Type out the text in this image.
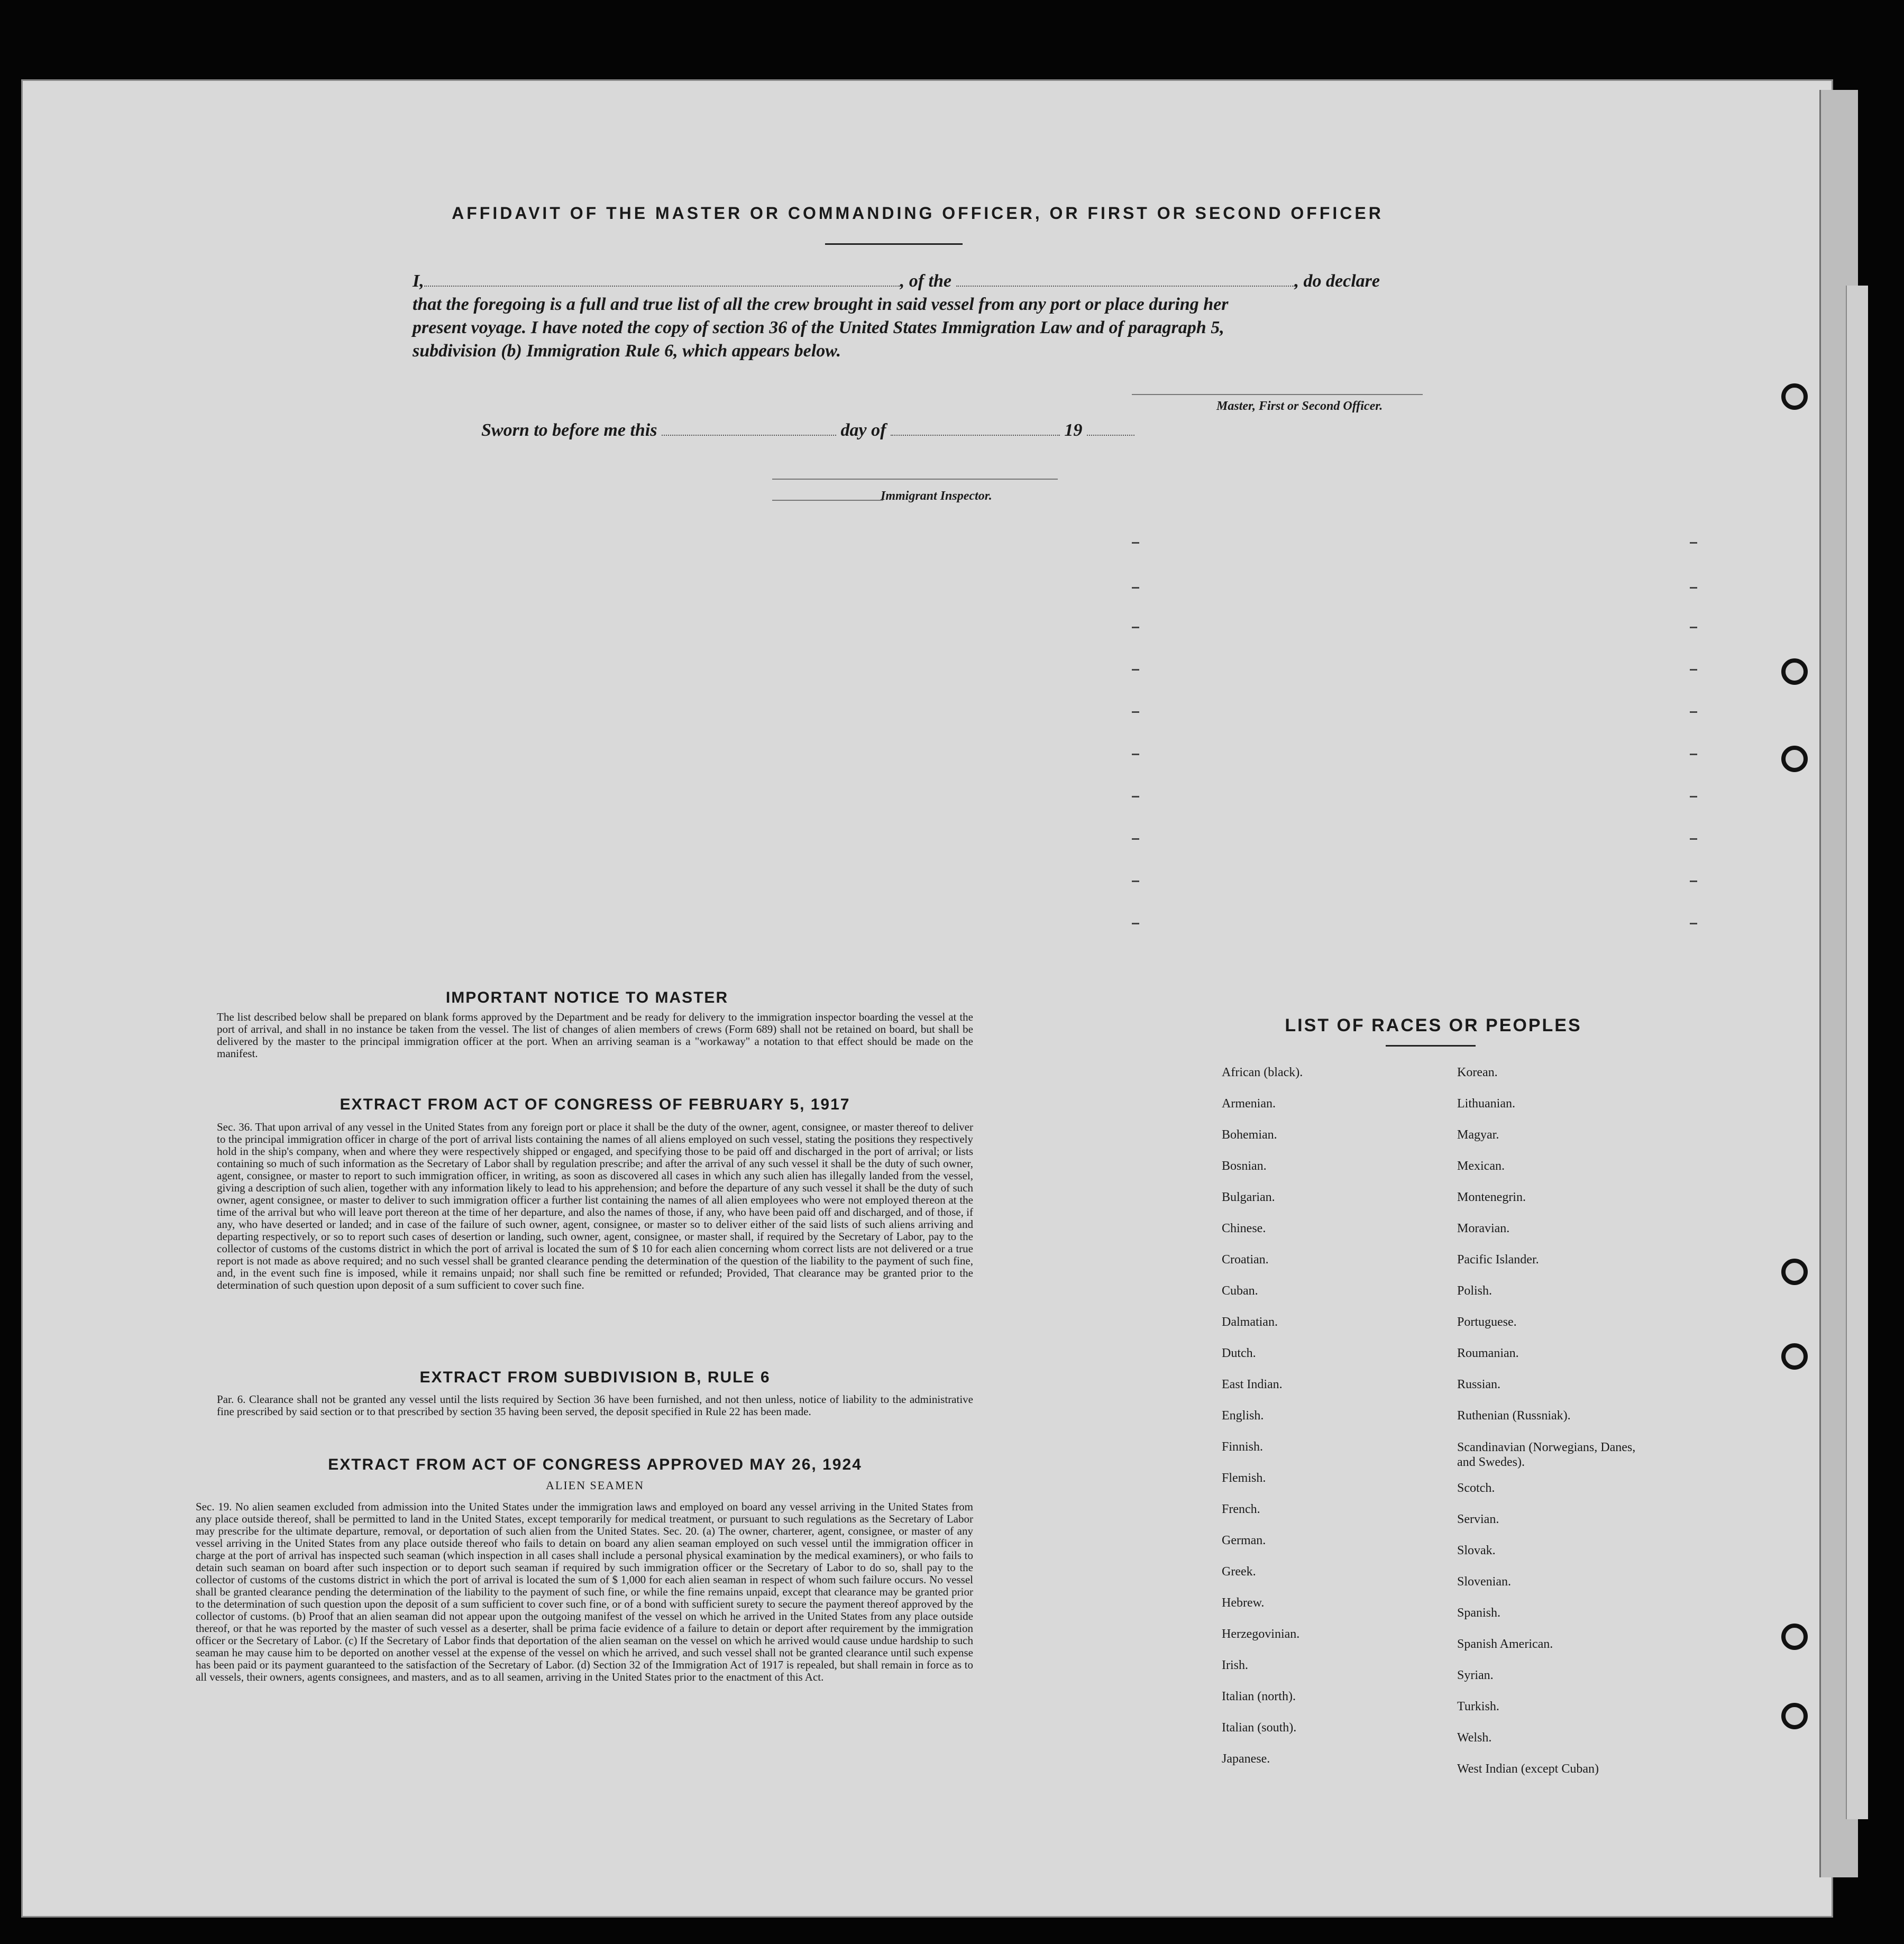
AFFIDAVIT OF THE MASTER OR COMMANDING OFFICER, OR FIRST OR SECOND OFFICER
I,	, of the	, do declare
that the foregoing is a full and true list of all the crew brought in said vessel from any port or place during her
present voyage. I have noted the copy of section 36 of the United States Immigration Law and of paragraph 5,
subdivision (b) Immigration Rule 6, which appears below.
Master, First or Second Officer.
Sworn to before me this	day of	19
Immigrant Inspector.
IMPORTANT NOTICE TO MASTER
The list described below shall be prepared on blank forms approved by the Department and be ready for delivery to the immigration inspector boarding the vessel at the port of arrival, and shall in no instance be taken from the vessel. The list of changes of alien members of crews (Form 689) shall not be retained on board, but shall be delivered by the master to the principal immigration officer at the port. When an arriving seaman is a "workaway" a notation to that effect should be made on the manifest.
EXTRACT FROM ACT OF CONGRESS OF FEBRUARY 5, 1917
Sec. 36. That upon arrival of any vessel in the United States from any foreign port or place it shall be the duty of the owner, agent, consignee, or master thereof to deliver to the principal immigration officer in charge of the port of arrival lists containing the names of all aliens employed on such vessel, stating the positions they respectively hold in the ship's company, when and where they were respectively shipped or engaged, and specifying those to be paid off and discharged in the port of arrival; or lists containing so much of such information as the Secretary of Labor shall by regulation prescribe; and after the arrival of any such vessel it shall be the duty of such owner, agent, consignee, or master to report to such immigration officer, in writing, as soon as discovered all cases in which any such alien has illegally landed from the vessel, giving a description of such alien, together with any information likely to lead to his apprehension; and before the departure of any such vessel it shall be the duty of such owner, agent consignee, or master to deliver to such immigration officer a further list containing the names of all alien employees who were not employed thereon at the time of the arrival but who will leave port thereon at the time of her departure, and also the names of those, if any, who have been paid off and discharged, and of those, if any, who have deserted or landed; and in case of the failure of such owner, agent, consignee, or master so to deliver either of the said lists of such aliens arriving and departing respectively, or so to report such cases of desertion or landing, such owner, agent, consignee, or master shall, if required by the Secretary of Labor, pay to the collector of customs of the customs district in which the port of arrival is located the sum of $ 10 for each alien concerning whom correct lists are not delivered or a true report is not made as above required; and no such vessel shall be granted clearance pending the determination of the question of the liability to the payment of such fine, and, in the event such fine is imposed, while it remains unpaid; nor shall such fine be remitted or refunded; Provided, That clearance may be granted prior to the determination of such question upon deposit of a sum sufficient to cover such fine.
EXTRACT FROM SUBDIVISION B, RULE 6
Par. 6. Clearance shall not be granted any vessel until the lists required by Section 36 have been furnished, and not then unless, notice of liability to the administrative fine prescribed by said section or to that prescribed by section 35 having been served, the deposit specified in Rule 22 has been made.
EXTRACT FROM ACT OF CONGRESS APPROVED MAY 26, 1924
ALIEN SEAMEN
Sec. 19. No alien seamen excluded from admission into the United States under the immigration laws and employed on board any vessel arriving in the United States from any place outside thereof, shall be permitted to land in the United States, except temporarily for medical treatment, or pursuant to such regulations as the Secretary of Labor may prescribe for the ultimate departure, removal, or deportation of such alien from the United States. Sec. 20. (a) The owner, charterer, agent, consignee, or master of any vessel arriving in the United States from any place outside thereof who fails to detain on board any alien seaman employed on such vessel until the immigration officer in charge at the port of arrival has inspected such seaman (which inspection in all cases shall include a personal physical examination by the medical examiners), or who fails to detain such seaman on board after such inspection or to deport such seaman if required by such immigration officer or the Secretary of Labor to do so, shall pay to the collector of customs of the customs district in which the port of arrival is located the sum of $ 1,000 for each alien seaman in respect of whom such failure occurs. No vessel shall be granted clearance pending the determination of the liability to the payment of such fine, or while the fine remains unpaid, except that clearance may be granted prior to the determination of such question upon the deposit of a sum sufficient to cover such fine, or of a bond with sufficient surety to secure the payment thereof approved by the collector of customs. (b) Proof that an alien seaman did not appear upon the outgoing manifest of the vessel on which he arrived in the United States from any place outside thereof, or that he was reported by the master of such vessel as a deserter, shall be prima facie evidence of a failure to detain or deport after requirement by the immigration officer or the Secretary of Labor. (c) If the Secretary of Labor finds that deportation of the alien seaman on the vessel on which he arrived would cause undue hardship to such seaman he may cause him to be deported on another vessel at the expense of the vessel on which he arrived, and such vessel shall not be granted clearance until such expense has been paid or its payment guaranteed to the satisfaction of the Secretary of Labor. (d) Section 32 of the Immigration Act of 1917 is repealed, but shall remain in force as to all vessels, their owners, agents consignees, and masters, and as to all seamen, arriving in the United States prior to the enactment of this Act.
LIST OF RACES OR PEOPLES
African (black).
Armenian.
Bohemian.
Bosnian.
Bulgarian.
Chinese.
Croatian.
Cuban.
Dalmatian.
Dutch.
East Indian.
English.
Finnish.
Flemish.
French.
German.
Greek.
Hebrew.
Herzegovinian.
Irish.
Italian (north).
Italian (south).
Japanese.
Korean.
Lithuanian.
Magyar.
Mexican.
Montenegrin.
Moravian.
Pacific Islander.
Polish.
Portuguese.
Roumanian.
Russian.
Ruthenian (Russniak).
Scandinavian (Norwegians, Danes, and Swedes).
Scotch.
Servian.
Slovak.
Slovenian.
Spanish.
Spanish American.
Syrian.
Turkish.
Welsh.
West Indian (except Cuban)
